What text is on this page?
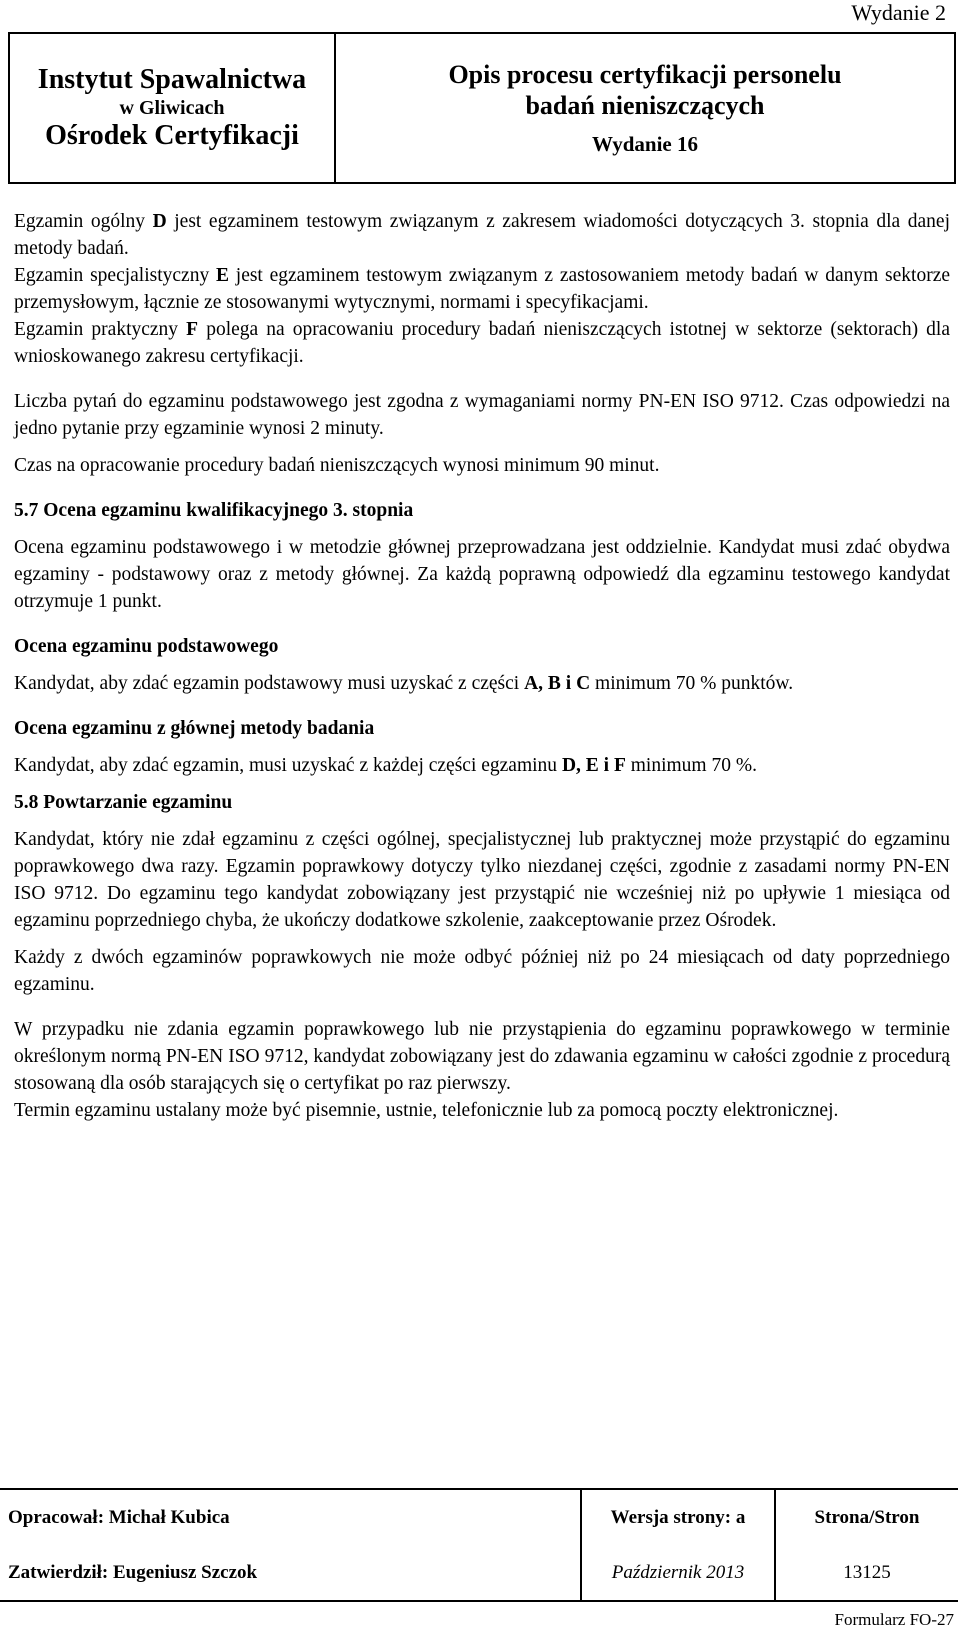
Wydanie 2
Instytut Spawalnictwa
w Gliwicach
Ośrodek Certyfikacji
Opis procesu certyfikacji personelu
badań nieniszczących
Wydanie 16

Egzamin ogólny D jest egzaminem testowym związanym z zakresem wiadomości dotyczących 3. stopnia dla danej metody badań.

Egzamin specjalistyczny E jest egzaminem testowym związanym z zastosowaniem metody badań w danym sektorze przemysłowym, łącznie ze stosowanymi wytycznymi, normami i specyfikacjami.

Egzamin praktyczny F polega na opracowaniu procedury badań nieniszczących istotnej w sektorze (sektorach) dla wnioskowanego zakresu certyfikacji.

Liczba pytań do egzaminu podstawowego jest zgodna z wymaganiami normy PN-EN ISO 9712. Czas odpowiedzi na jedno pytanie przy egzaminie wynosi 2 minuty.

Czas na opracowanie procedury badań nieniszczących wynosi minimum 90 minut.

5.7 Ocena egzaminu kwalifikacyjnego 3. stopnia

Ocena egzaminu podstawowego i w metodzie głównej przeprowadzana jest oddzielnie. Kandydat musi zdać obydwa egzaminy - podstawowy oraz z metody głównej. Za każdą poprawną odpowiedź dla egzaminu testowego kandydat otrzymuje 1 punkt.

Ocena egzaminu podstawowego

Kandydat, aby zdać egzamin podstawowy musi uzyskać z części A, B i C minimum 70 % punktów.

Ocena egzaminu z głównej metody badania

Kandydat, aby zdać egzamin, musi uzyskać z każdej części egzaminu D, E i F minimum 70 %.

5.8 Powtarzanie egzaminu

Kandydat, który nie zdał egzaminu z części ogólnej, specjalistycznej lub praktycznej może przystąpić do egzaminu poprawkowego dwa razy. Egzamin poprawkowy dotyczy tylko niezdanej części, zgodnie z zasadami normy PN-EN ISO 9712. Do egzaminu tego kandydat zobowiązany jest przystąpić nie wcześniej niż po upływie 1 miesiąca od egzaminu poprzedniego chyba, że ukończy dodatkowe szkolenie, zaakceptowanie przez Ośrodek.

Każdy z dwóch egzaminów poprawkowych nie może odbyć później niż po 24 miesiącach od daty poprzedniego egzaminu.

W przypadku nie zdania egzamin poprawkowego lub nie przystąpienia do egzaminu poprawkowego w terminie określonym normą PN-EN ISO 9712, kandydat zobowiązany jest do zdawania egzaminu w całości zgodnie z procedurą stosowaną dla osób starających się o certyfikat po raz pierwszy.

Termin egzaminu ustalany może być pisemnie, ustnie, telefonicznie lub za pomocą poczty elektronicznej.

Opracował: Michał Kubica	Wersja strony: a	Strona/Stron
Zatwierdził: Eugeniusz Szczok	Październik 2013	13125
Formularz FO-27
